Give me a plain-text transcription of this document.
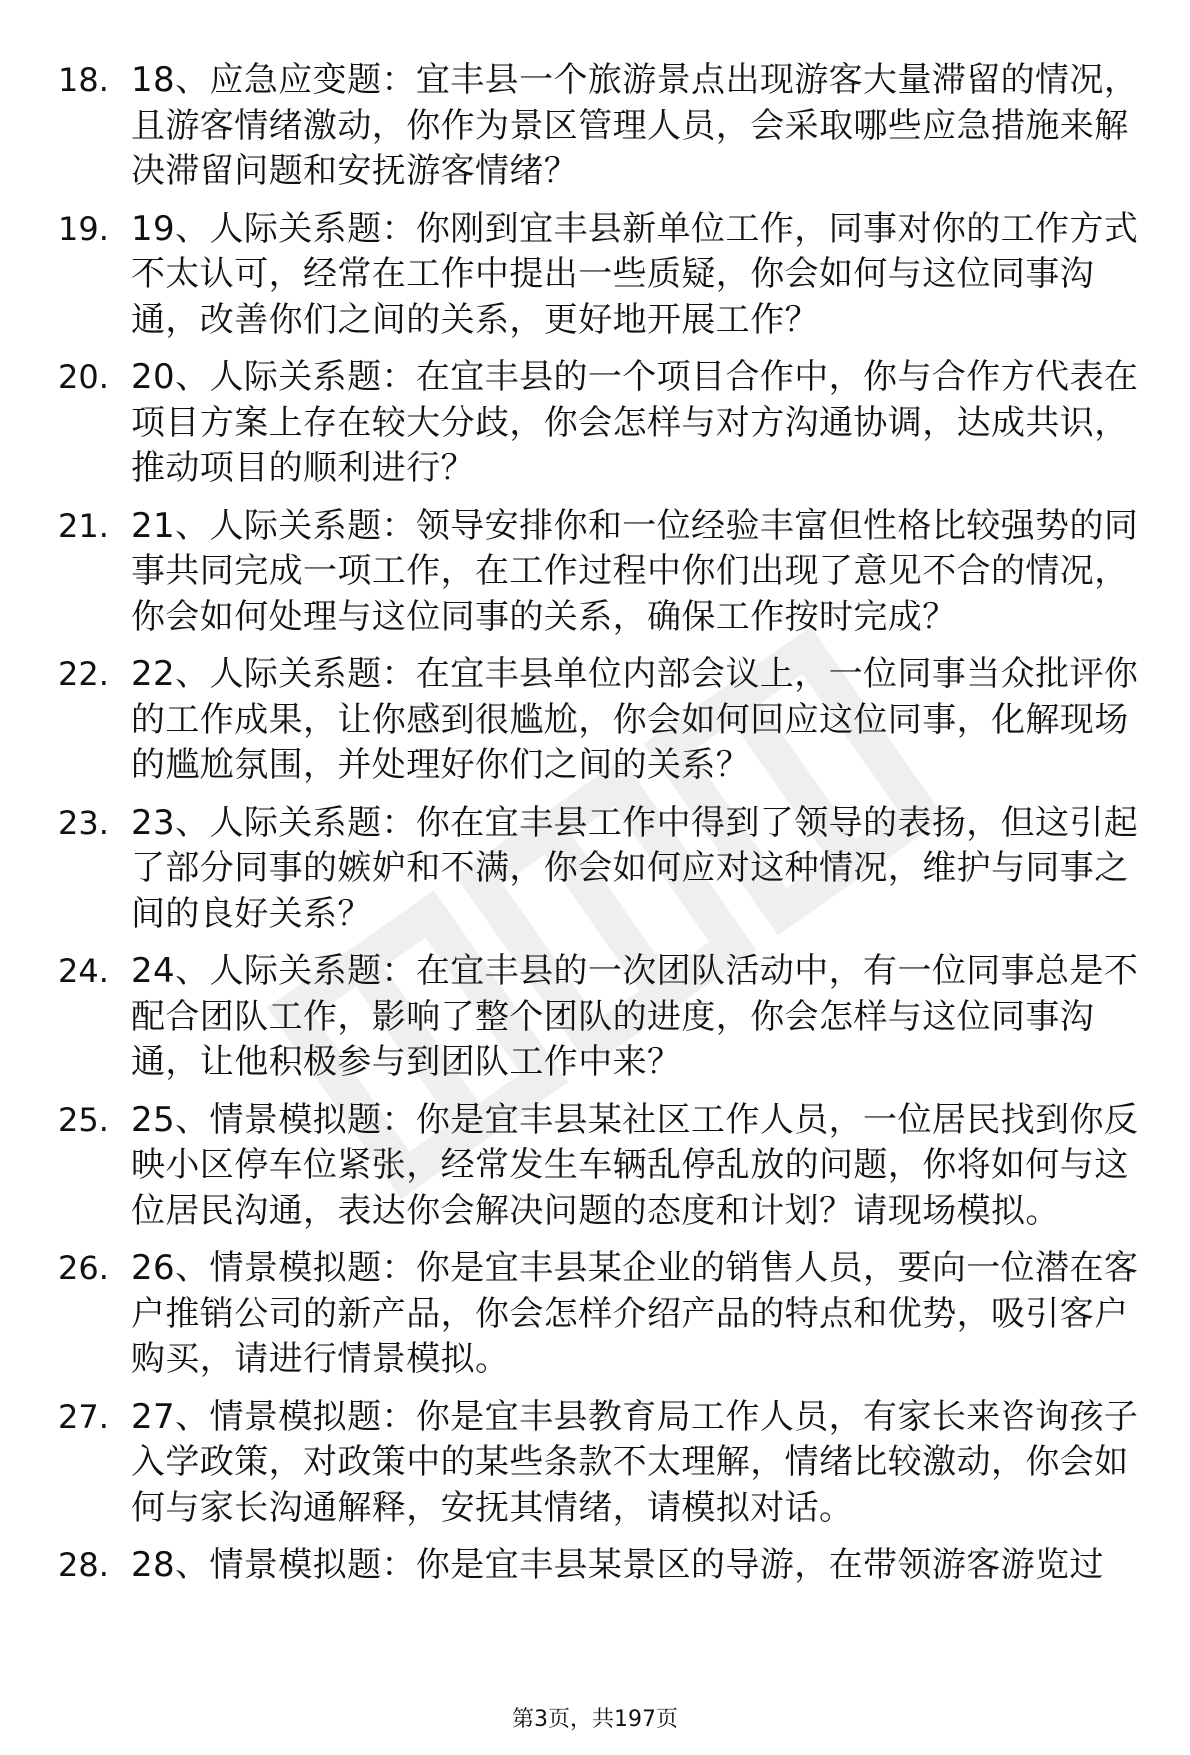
18. 18、应急应变题：宜丰县一个旅游景点出现游客大量滞留的情况，且游客情绪激动，你作为景区管理人员，会采取哪些应急措施来解决滞留问题和安抚游客情绪？
19. 19、人际关系题：你刚到宜丰县新单位工作，同事对你的工作方式不太认可，经常在工作中提出一些质疑，你会如何与这位同事沟通，改善你们之间的关系，更好地开展工作？
20. 20、人际关系题：在宜丰县的一个项目合作中，你与合作方代表在项目方案上存在较大分歧，你会怎样与对方沟通协调，达成共识，推动项目的顺利进行？
21. 21、人际关系题：领导安排你和一位经验丰富但性格比较强势的同事共同完成一项工作，在工作过程中你们出现了意见不合的情况，你会如何处理与这位同事的关系，确保工作按时完成？
22. 22、人际关系题：在宜丰县单位内部会议上，一位同事当众批评你的工作成果，让你感到很尴尬，你会如何回应这位同事，化解现场的尴尬氛围，并处理好你们之间的关系？
23. 23、人际关系题：你在宜丰县工作中得到了领导的表扬，但这引起了部分同事的嫉妒和不满，你会如何应对这种情况，维护与同事之间的良好关系？
24. 24、人际关系题：在宜丰县的一次团队活动中，有一位同事总是不配合团队工作，影响了整个团队的进度，你会怎样与这位同事沟通，让他积极参与到团队工作中来？
25. 25、情景模拟题：你是宜丰县某社区工作人员，一位居民找到你反映小区停车位紧张，经常发生车辆乱停乱放的问题，你将如何与这位居民沟通，表达你会解决问题的态度和计划？请现场模拟。
26. 26、情景模拟题：你是宜丰县某企业的销售人员，要向一位潜在客户推销公司的新产品，你会怎样介绍产品的特点和优势，吸引客户购买，请进行情景模拟。
27. 27、情景模拟题：你是宜丰县教育局工作人员，有家长来咨询孩子入学政策，对政策中的某些条款不太理解，情绪比较激动，你会如何与家长沟通解释，安抚其情绪，请模拟对话。
28. 28、情景模拟题：你是宜丰县某景区的导游，在带领游客游览过
第3页，共197页
